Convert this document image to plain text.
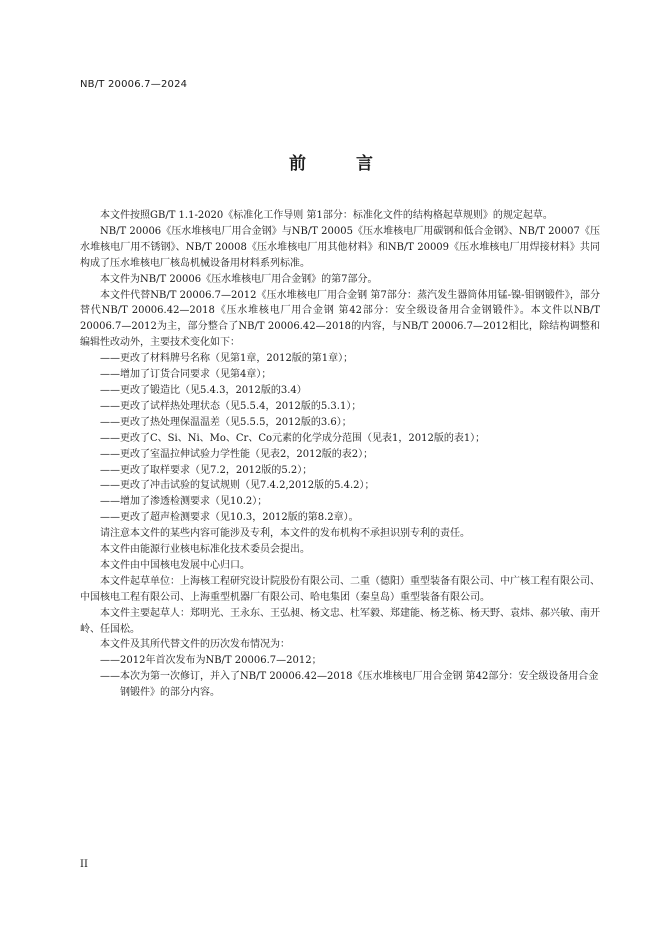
NB/T 20006.7—2024
前	言

本文件按照GB/T 1.1-2020《标准化工作导则 第1部分：标准化文件的结构格起草规则》的规定起草。

NB/T 20006《压水堆核电厂用合金钢》与NB/T 20005《压水堆核电厂用碳钢和低合金钢》、NB/T 20007《压水堆核电厂用不锈钢》、NB/T 20008《压水堆核电厂用其他材料》和NB/T 20009《压水堆核电厂用焊接材料》共同构成了压水堆核电厂核岛机械设备用材料系列标准。

本文件为NB/T 20006《压水堆核电厂用合金钢》的第7部分。

本文件代替NB/T 20006.7—2012《压水堆核电厂用合金钢 第7部分：蒸汽发生器筒体用锰-镍-钼钢锻件》，部分替代NB/T 20006.42—2018《压水堆核电厂用合金钢 第42部分：安全级设备用合金钢锻件》。本文件以NB/T 20006.7—2012为主，部分整合了NB/T 20006.42—2018的内容，与NB/T 20006.7—2012相比，除结构调整和编辑性改动外，主要技术变化如下：

——更改了材料牌号名称（见第1章，2012版的第1章）；

——增加了订货合同要求（见第4章）；

——更改了锻造比（见5.4.3，2012版的3.4）

——更改了试样热处理状态（见5.5.4，2012版的5.3.1）；

——更改了热处理保温温差（见5.5.5，2012版的3.6）；

——更改了C、Si、Ni、Mo、Cr、Co元素的化学成分范围（见表1，2012版的表1）；

——更改了室温拉伸试验力学性能（见表2，2012版的表2）；

——更改了取样要求（见7.2，2012版的5.2）；

——更改了冲击试验的复试规则（见7.4.2,2012版的5.4.2）；

——增加了渗透检测要求（见10.2）；

——更改了超声检测要求（见10.3，2012版的第8.2章）。

请注意本文件的某些内容可能涉及专利，本文件的发布机构不承担识别专利的责任。

本文件由能源行业核电标准化技术委员会提出。

本文件由中国核电发展中心归口。

本文件起草单位：上海核工程研究设计院股份有限公司、二重（德阳）重型装备有限公司、中广核工程有限公司、中国核电工程有限公司、上海重型机器厂有限公司、哈电集团（秦皇岛）重型装备有限公司。

本文件主要起草人：郑明光、王永东、王弘昶、杨文忠、杜军毅、郑建能、杨芝栋、杨天野、袁炜、郝兴敏、南开岭、任国松。

本文件及其所代替文件的历次发布情况为：

——2012年首次发布为NB/T 20006.7—2012；

——本次为第一次修订，并入了NB/T 20006.42—2018《压水堆核电厂用合金钢 第42部分：安全级设备用合金钢锻件》的部分内容。

II
